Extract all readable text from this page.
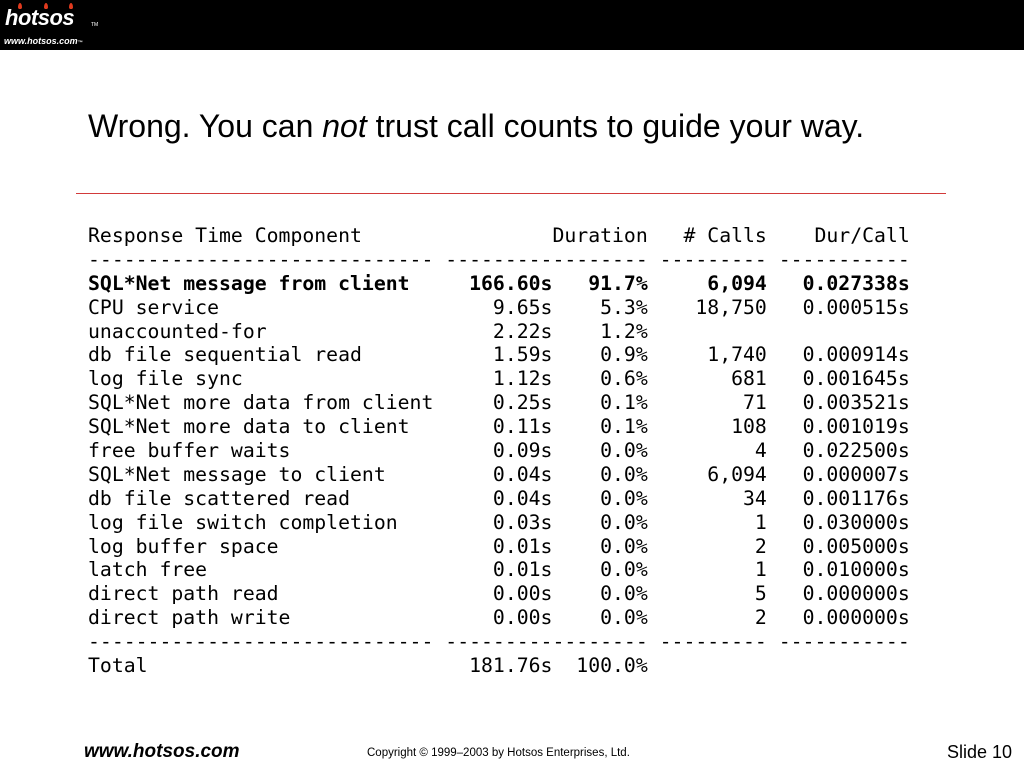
hotsos	TM
www.hotsos.com™
Wrong. You can not trust call counts to guide your way.
Response Time Component                Duration   # Calls    Dur/Call
----------------------------- ----------------- --------- -----------
SQL*Net message from client     166.60s   91.7%     6,094   0.027338s
CPU service                       9.65s    5.3%    18,750   0.000515s
unaccounted-for                   2.22s    1.2%
db file sequential read           1.59s    0.9%     1,740   0.000914s
log file sync                     1.12s    0.6%       681   0.001645s
SQL*Net more data from client     0.25s    0.1%        71   0.003521s
SQL*Net more data to client       0.11s    0.1%       108   0.001019s
free buffer waits                 0.09s    0.0%         4   0.022500s
SQL*Net message to client         0.04s    0.0%     6,094   0.000007s
db file scattered read            0.04s    0.0%        34   0.001176s
log file switch completion        0.03s    0.0%         1   0.030000s
log buffer space                  0.01s    0.0%         2   0.005000s
latch free                        0.01s    0.0%         1   0.010000s
direct path read                  0.00s    0.0%         5   0.000000s
direct path write                 0.00s    0.0%         2   0.000000s
----------------------------- ----------------- --------- -----------
Total                           181.76s  100.0%
www.hotsos.com	Copyright © 1999–2003 by Hotsos Enterprises, Ltd.	Slide 10
